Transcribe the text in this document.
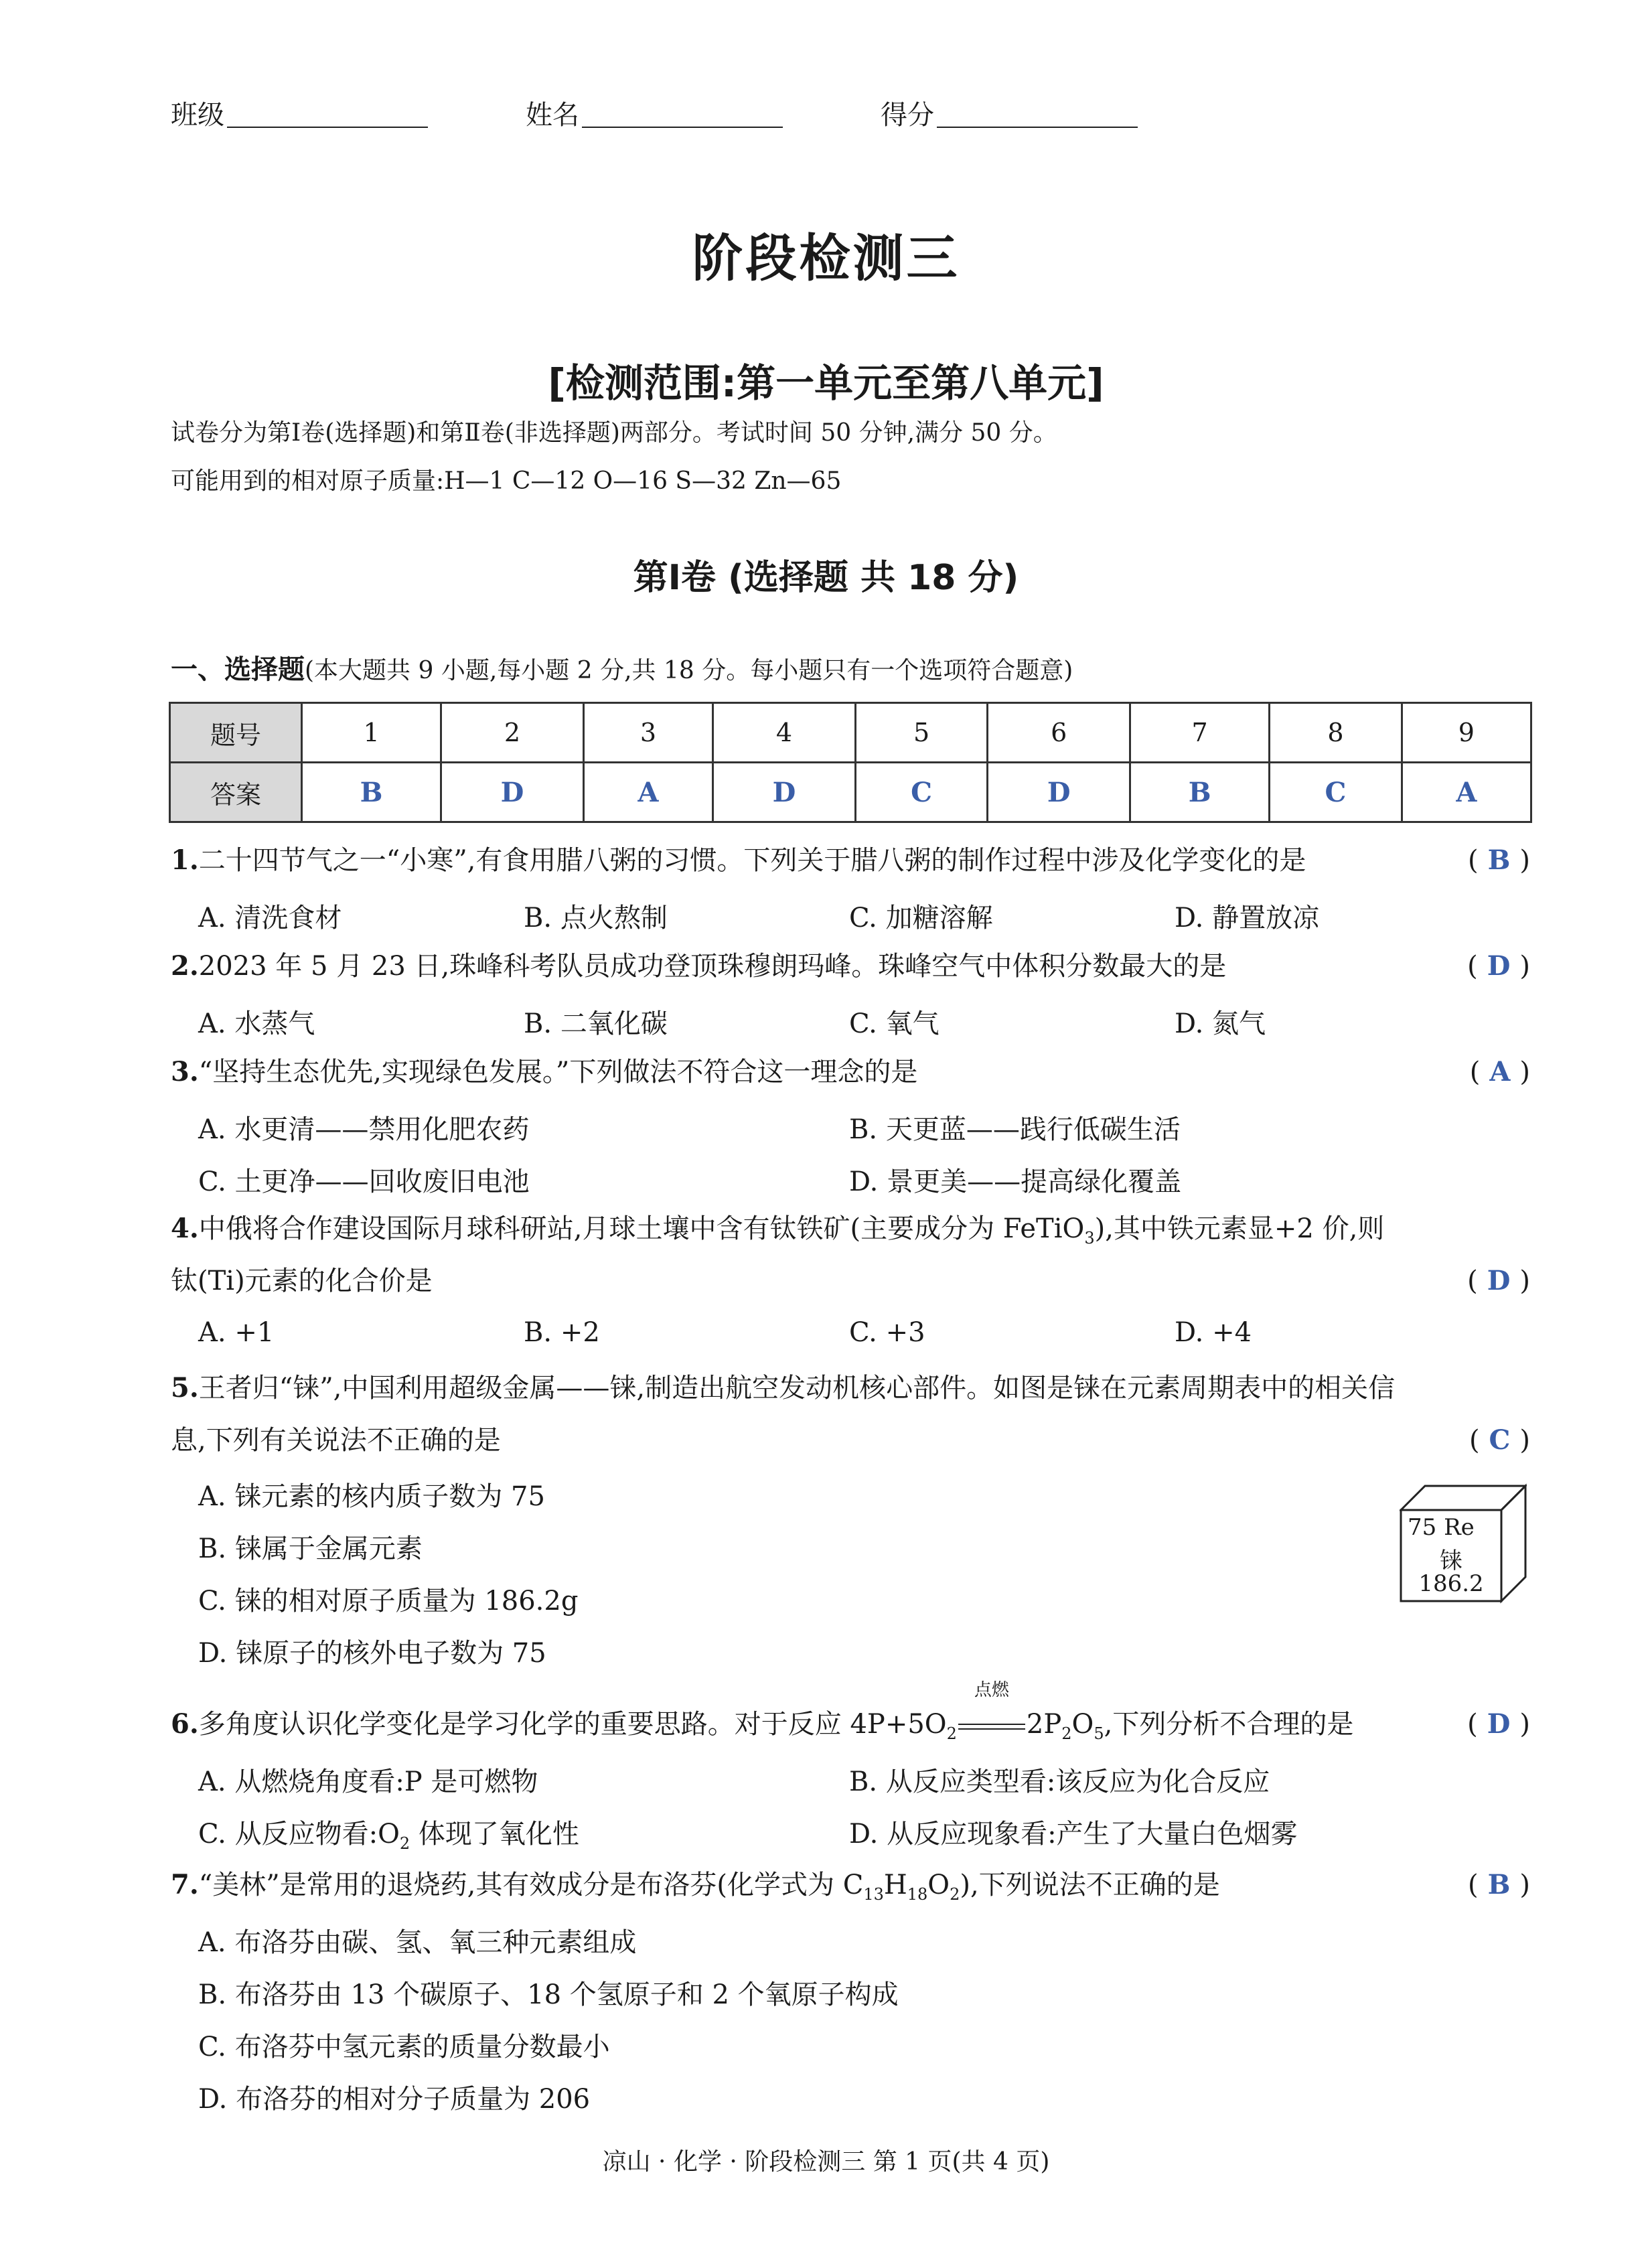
班级	姓名	得分
阶段检测三
[检测范围:第一单元至第八单元]
试卷分为第Ⅰ卷(选择题)和第Ⅱ卷(非选择题)两部分。考试时间 50 分钟,满分 50 分。
可能用到的相对原子质量:H—1 C—12 O—16 S—32 Zn—65
第Ⅰ卷 (选择题 共 18 分)
一、选择题(本大题共 9 小题,每小题 2 分,共 18 分。每小题只有一个选项符合题意)
题号	1	2	3	4	5	6	7	8	9
答案	B	D	A	D	C	D	B	C	A
1.二十四节气之一“小寒”,有食用腊八粥的习惯。下列关于腊八粥的制作过程中涉及化学变化的是	( B )
A. 清洗食材	B. 点火熬制	C. 加糖溶解	D. 静置放凉
2.2023 年 5 月 23 日,珠峰科考队员成功登顶珠穆朗玛峰。珠峰空气中体积分数最大的是	( D )
A. 水蒸气	B. 二氧化碳	C. 氧气	D. 氮气
3.“坚持生态优先,实现绿色发展。”下列做法不符合这一理念的是	( A )
A. 水更清——禁用化肥农药	B. 天更蓝——践行低碳生活
C. 土更净——回收废旧电池	D. 景更美——提高绿化覆盖
4.中俄将合作建设国际月球科研站,月球土壤中含有钛铁矿(主要成分为 FeTiO$_3$),其中铁元素显+2 价,则
钛(Ti)元素的化合价是	( D )
A. +1	B. +2	C. +3	D. +4
5.王者归“铼”,中国利用超级金属——铼,制造出航空发动机核心部件。如图是铼在元素周期表中的相关信
息,下列有关说法不正确的是	( C )
A. 铼元素的核内质子数为 75
B. 铼属于金属元素
C. 铼的相对原子质量为 186.2g
D. 铼原子的核外电子数为 75
75 Re
铼
186.2
6.多角度认识化学变化是学习化学的重要思路。对于反应 $4P+5O_2$
点燃
$2P_2O_5$,下列分析不合理的是	( D )
A. 从燃烧角度看:P 是可燃物	B. 从反应类型看:该反应为化合反应
C. 从反应物看$:O_2$ 体现了氧化性	D. 从反应现象看:产生了大量白色烟雾
7.“美林”是常用的退烧药,其有效成分是布洛芬(化学式为 $C_{13}H_{18}O_2$),下列说法不正确的是	( B )
A. 布洛芬由碳、氢、氧三种元素组成
B. 布洛芬由 13 个碳原子、18 个氢原子和 2 个氧原子构成
C. 布洛芬中氢元素的质量分数最小
D. 布洛芬的相对分子质量为 206
凉山 · 化学 · 阶段检测三 第 1 页(共 4 页)
